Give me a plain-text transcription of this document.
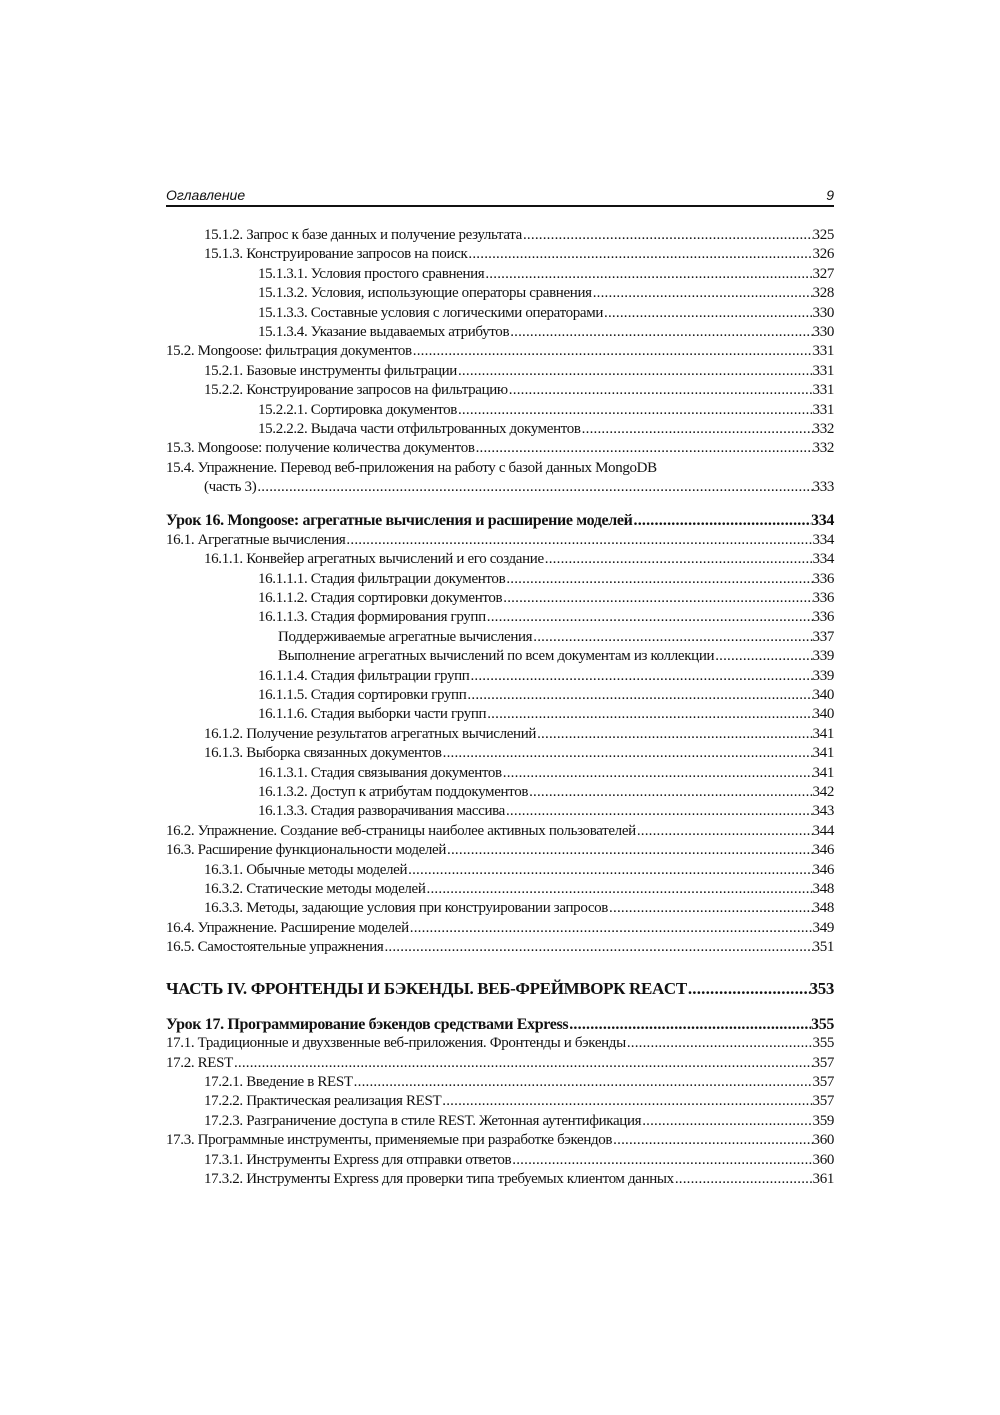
Оглавление	9
15.1.2. Запрос к базе данных и получение результата .....	325
15.1.3. Конструирование запросов на поиск .....	326
15.1.3.1. Условия простого сравнения .....	327
15.1.3.2. Условия, использующие операторы сравнения .....	328
15.1.3.3. Составные условия с логическими операторами .....	330
15.1.3.4. Указание выдаваемых атрибутов .....	330
15.2. Mongoose: фильтрация документов .....	331
15.2.1. Базовые инструменты фильтрации .....	331
15.2.2. Конструирование запросов на фильтрацию .....	331
15.2.2.1. Сортировка документов .....	331
15.2.2.2. Выдача части отфильтрованных документов .....	332
15.3. Mongoose: получение количества документов .....	332
15.4. Упражнение. Перевод веб-приложения на работу с базой данных MongoDB
(часть 3) .....	333
Урок 16. Mongoose: агрегатные вычисления и расширение моделей .....	334
16.1. Агрегатные вычисления .....	334
16.1.1. Конвейер агрегатных вычислений и его создание .....	334
16.1.1.1. Стадия фильтрации документов .....	336
16.1.1.2. Стадия сортировки документов .....	336
16.1.1.3. Стадия формирования групп .....	336
Поддерживаемые агрегатные вычисления .....	337
Выполнение агрегатных вычислений по всем документам из коллекции .....	339
16.1.1.4. Стадия фильтрации групп .....	339
16.1.1.5. Стадия сортировки групп .....	340
16.1.1.6. Стадия выборки части групп .....	340
16.1.2. Получение результатов агрегатных вычислений .....	341
16.1.3. Выборка связанных документов .....	341
16.1.3.1. Стадия связывания документов .....	341
16.1.3.2. Доступ к атрибутам поддокументов .....	342
16.1.3.3. Стадия разворачивания массива .....	343
16.2. Упражнение. Создание веб-страницы наиболее активных пользователей .....	344
16.3. Расширение функциональности моделей .....	346
16.3.1. Обычные методы моделей .....	346
16.3.2. Статические методы моделей .....	348
16.3.3. Методы, задающие условия при конструировании запросов .....	348
16.4. Упражнение. Расширение моделей .....	349
16.5. Самостоятельные упражнения .....	351
ЧАСТЬ IV. ФРОНТЕНДЫ И БЭКЕНДЫ. ВЕБ-ФРЕЙМВОРК REACT .....	353
Урок 17. Программирование бэкендов средствами Express .....	355
17.1. Традиционные и двухзвенные веб-приложения. Фронтенды и бэкенды .....	355
17.2. REST .....	357
17.2.1. Введение в REST .....	357
17.2.2. Практическая реализация REST .....	357
17.2.3. Разграничение доступа в стиле REST. Жетонная аутентификация .....	359
17.3. Программные инструменты, применяемые при разработке бэкендов .....	360
17.3.1. Инструменты Express для отправки ответов .....	360
17.3.2. Инструменты Express для проверки типа требуемых клиентом данных .....	361
